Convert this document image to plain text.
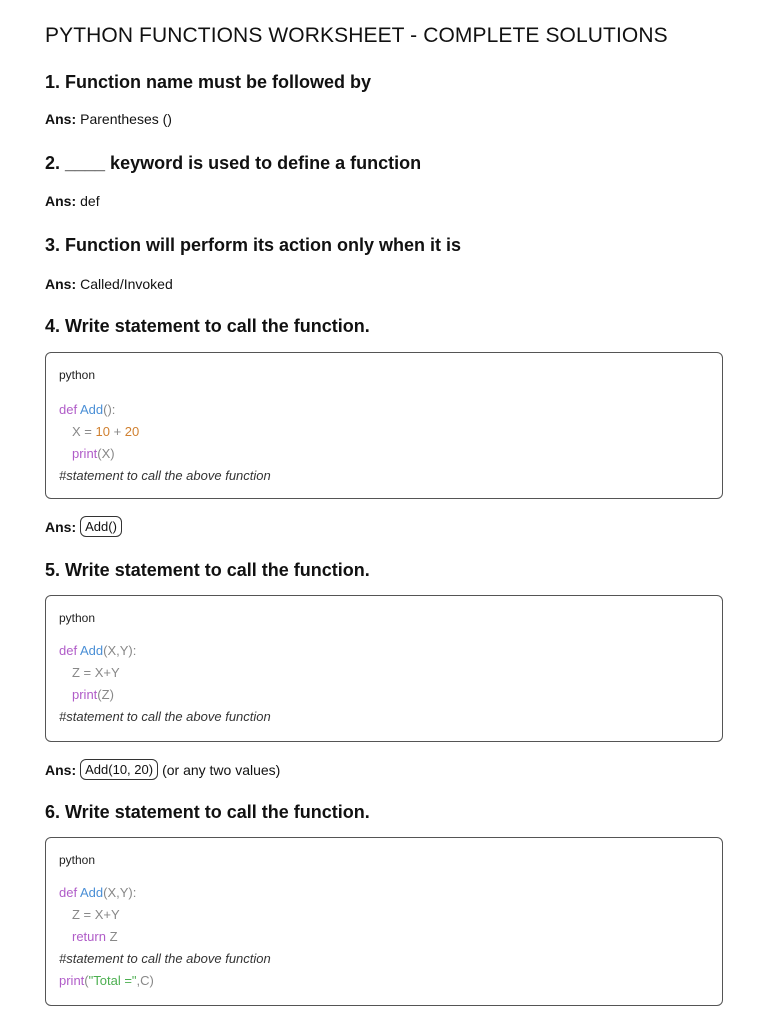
PYTHON FUNCTIONS WORKSHEET - COMPLETE SOLUTIONS
1. Function name must be followed by
Ans: Parentheses ()
2. ____ keyword is used to define a function
Ans: def
3. Function will perform its action only when it is
Ans: Called/Invoked
4. Write statement to call the function.
python
def Add():
X = 10 + 20
print(X)
#statement to call the above function
Ans: Add()
5. Write statement to call the function.
python
def Add(X,Y):
Z = X+Y
print(Z)
#statement to call the above function
Ans: Add(10, 20) (or any two values)
6. Write statement to call the function.
python
def Add(X,Y):
Z = X+Y
return Z
#statement to call the above function
print("Total =",C)
